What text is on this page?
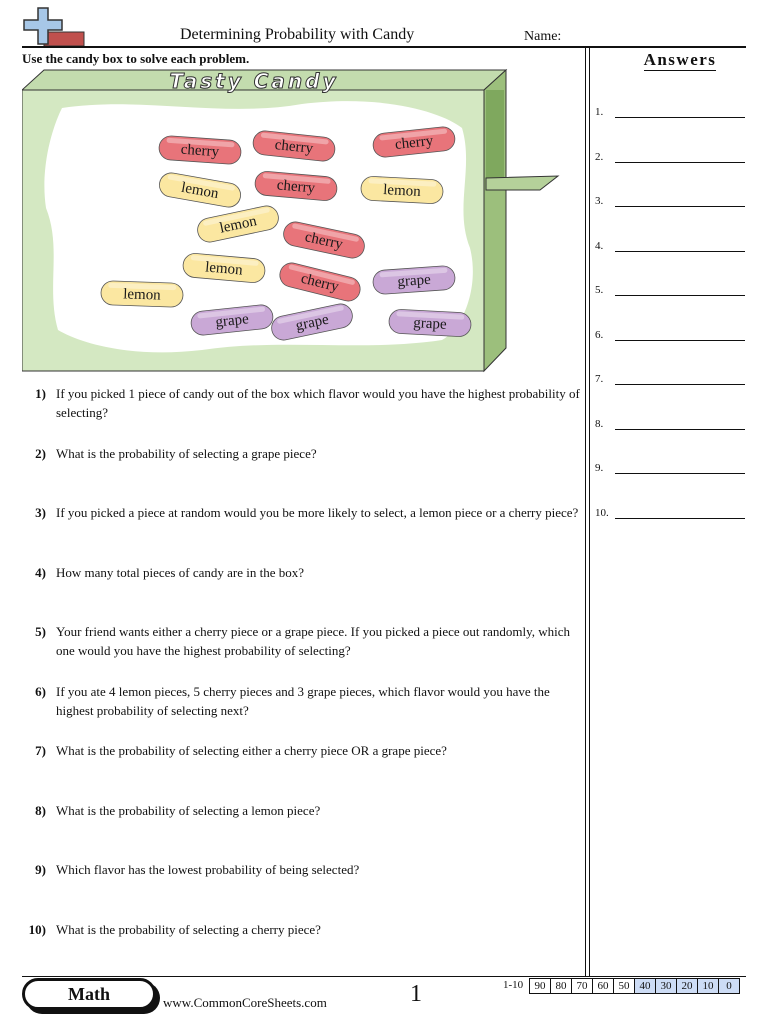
Determining Probability with Candy	Name:
Use the candy box to solve each problem.
Tasty Candy
cherry	cherry	cherry
lemon	cherry	lemon
lemon
cherry
lemon
cherry	grape
lemon
grape	grape	grape
Answers
1.
2.
3.
4.
5.
6.
7.
8.
9.
10.
1) If you picked 1 piece of candy out of the box which flavor would you have the highest probability of selecting?
2) What is the probability of selecting a grape piece?
3) If you picked a piece at random would you be more likely to select, a lemon piece or a cherry piece?
4) How many total pieces of candy are in the box?
5) Your friend wants either a cherry piece or a grape piece. If you picked a piece out randomly, which one would you have the highest probability of selecting?
6) If you ate 4 lemon pieces, 5 cherry pieces and 3 grape pieces, which flavor would you have the highest probability of selecting next?
7) What is the probability of selecting either a cherry piece OR a grape piece?
8) What is the probability of selecting a lemon piece?
9) Which flavor has the lowest probability of being selected?
10) What is the probability of selecting a cherry piece?
Math	www.CommonCoreSheets.com	1	1-10	90 80 70 60 50 40 30 20 10	0
